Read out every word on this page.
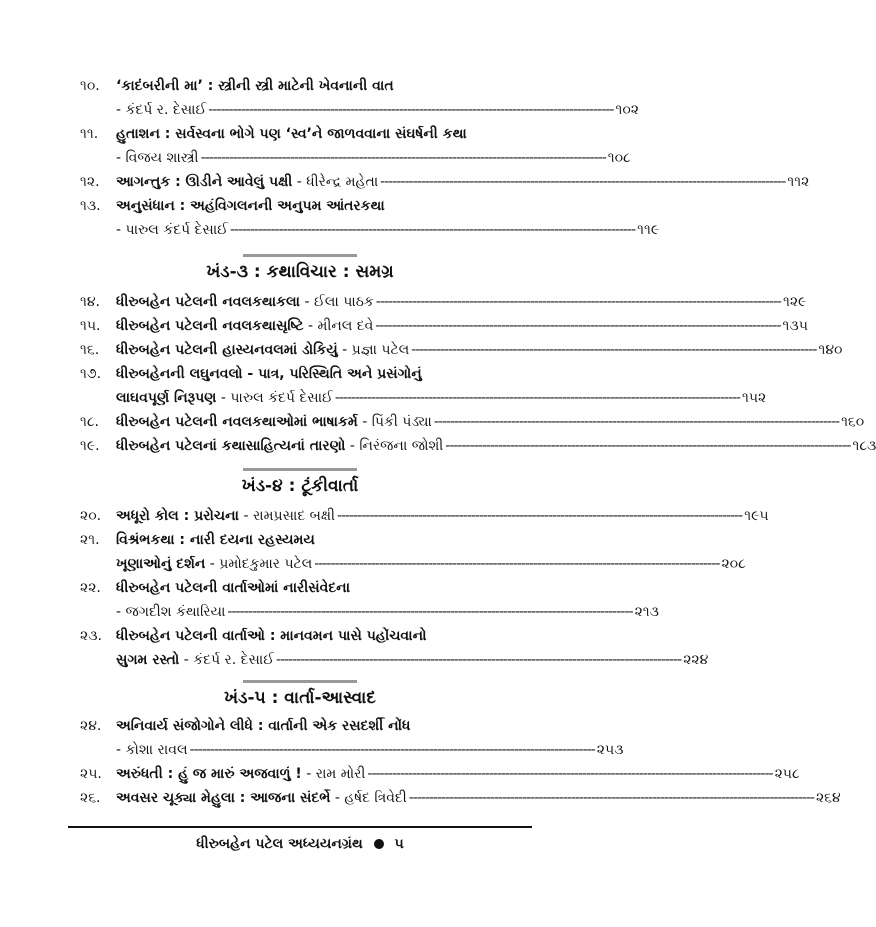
૧૦.	‘કાદંબરીની મા’ : સ્ત્રીની સ્ત્રી માટેની ખેવનાની વાત
- કંદર્પ ર. દેસાઈ ---------------------------------------------------------------------------------------------------- ૧૦૨
૧૧.	હુતાશન : સર્વસ્વના ભોગે પણ ‘સ્વ’ને જાળવવાના સંઘર્ષની કથા
- વિજય શાસ્ત્રી ---------------------------------------------------------------------------------------------------- ૧૦૮
૧૨.	આગન્તુક : ઊડીને આવેલું પક્ષી
- ધીરેન્દ્ર મહેતા ---------------------------------------------------------------------------------------------------- ૧૧૨
૧૩.	અનુસંધાન : અહંવિગલનની અનુપમ આંતરકથા
- પારુલ કંદર્પ દેસાઈ ---------------------------------------------------------------------------------------------------- ૧૧૯
ખંડ-૩ : કથાવિચાર : સમગ્ર
૧૪.	ધીરુબહેન પટેલની નવલકથાકલા
- ઈલા પાઠક ---------------------------------------------------------------------------------------------------- ૧૨૯
૧૫.	ધીરુબહેન પટેલની નવલકથાસૃષ્ટિ
- મીનલ દવે ---------------------------------------------------------------------------------------------------- ૧૩૫
૧૬.	ધીરુબહેન પટેલની હાસ્યનવલમાં ડોકિયું
- પ્રજ્ઞા પટેલ ---------------------------------------------------------------------------------------------------- ૧૪૦
૧૭.	ધીરુબહેનની લઘુનવલો - પાત્ર, પરિસ્થિતિ અને પ્રસંગોનું
લાઘવપૂર્ણ નિરૂપણ
- પારુલ કંદર્પ દેસાઈ ---------------------------------------------------------------------------------------------------- ૧૫૨
૧૮.	ધીરુબહેન પટેલની નવલકથાઓમાં ભાષાકર્મ
- પિંકી પંડ્યા ---------------------------------------------------------------------------------------------------- ૧૬૦
૧૯.	ધીરુબહેન પટેલનાં કથાસાહિત્યનાં તારણો
- નિરંજના જોશી ---------------------------------------------------------------------------------------------------- ૧૮૩
ખંડ-૪ : ટૂંકીવાર્તા
૨૦.	અધૂરો કોલ : પ્રરોચના
- રામપ્રસાદ બક્ષી ---------------------------------------------------------------------------------------------------- ૧૯૫
૨૧.	વિશ્રંભકથા : નારી દયના રહસ્યમય
ખૂણાઓનું દર્શન
- પ્રમોદકુમાર પટેલ ---------------------------------------------------------------------------------------------------- ૨૦૮
૨૨.	ધીરુબહેન પટેલની વાર્તાઓમાં નારીસંવેદના
- જગદીશ કંથારિયા ---------------------------------------------------------------------------------------------------- ૨૧૩
૨૩.	ધીરુબહેન પટેલની વાર્તાઓ : માનવમન પાસે પહોંચવાનો
સુગમ રસ્તો
- કંદર્પ ર. દેસાઈ ---------------------------------------------------------------------------------------------------- ૨૨૪
ખંડ-૫ : વાર્તા-આસ્વાદ
૨૪.	અનિવાર્ય સંજોગોને લીધે : વાર્તાની એક રસદર્શી નોંધ
- કોશા રાવલ ---------------------------------------------------------------------------------------------------- ૨૫૩
૨૫.	અરુંધતી : હું જ મારું અજવાળું !
- રામ મોરી ---------------------------------------------------------------------------------------------------- ૨૫૮
૨૬.	અવસર ચૂક્યા મેહુલા : આજના સંદર્ભે
- હર્ષદ ત્રિવેદી ---------------------------------------------------------------------------------------------------- ૨૬૪
ધીરુબહેન પટેલ અધ્યયનગ્રંથ ૫
